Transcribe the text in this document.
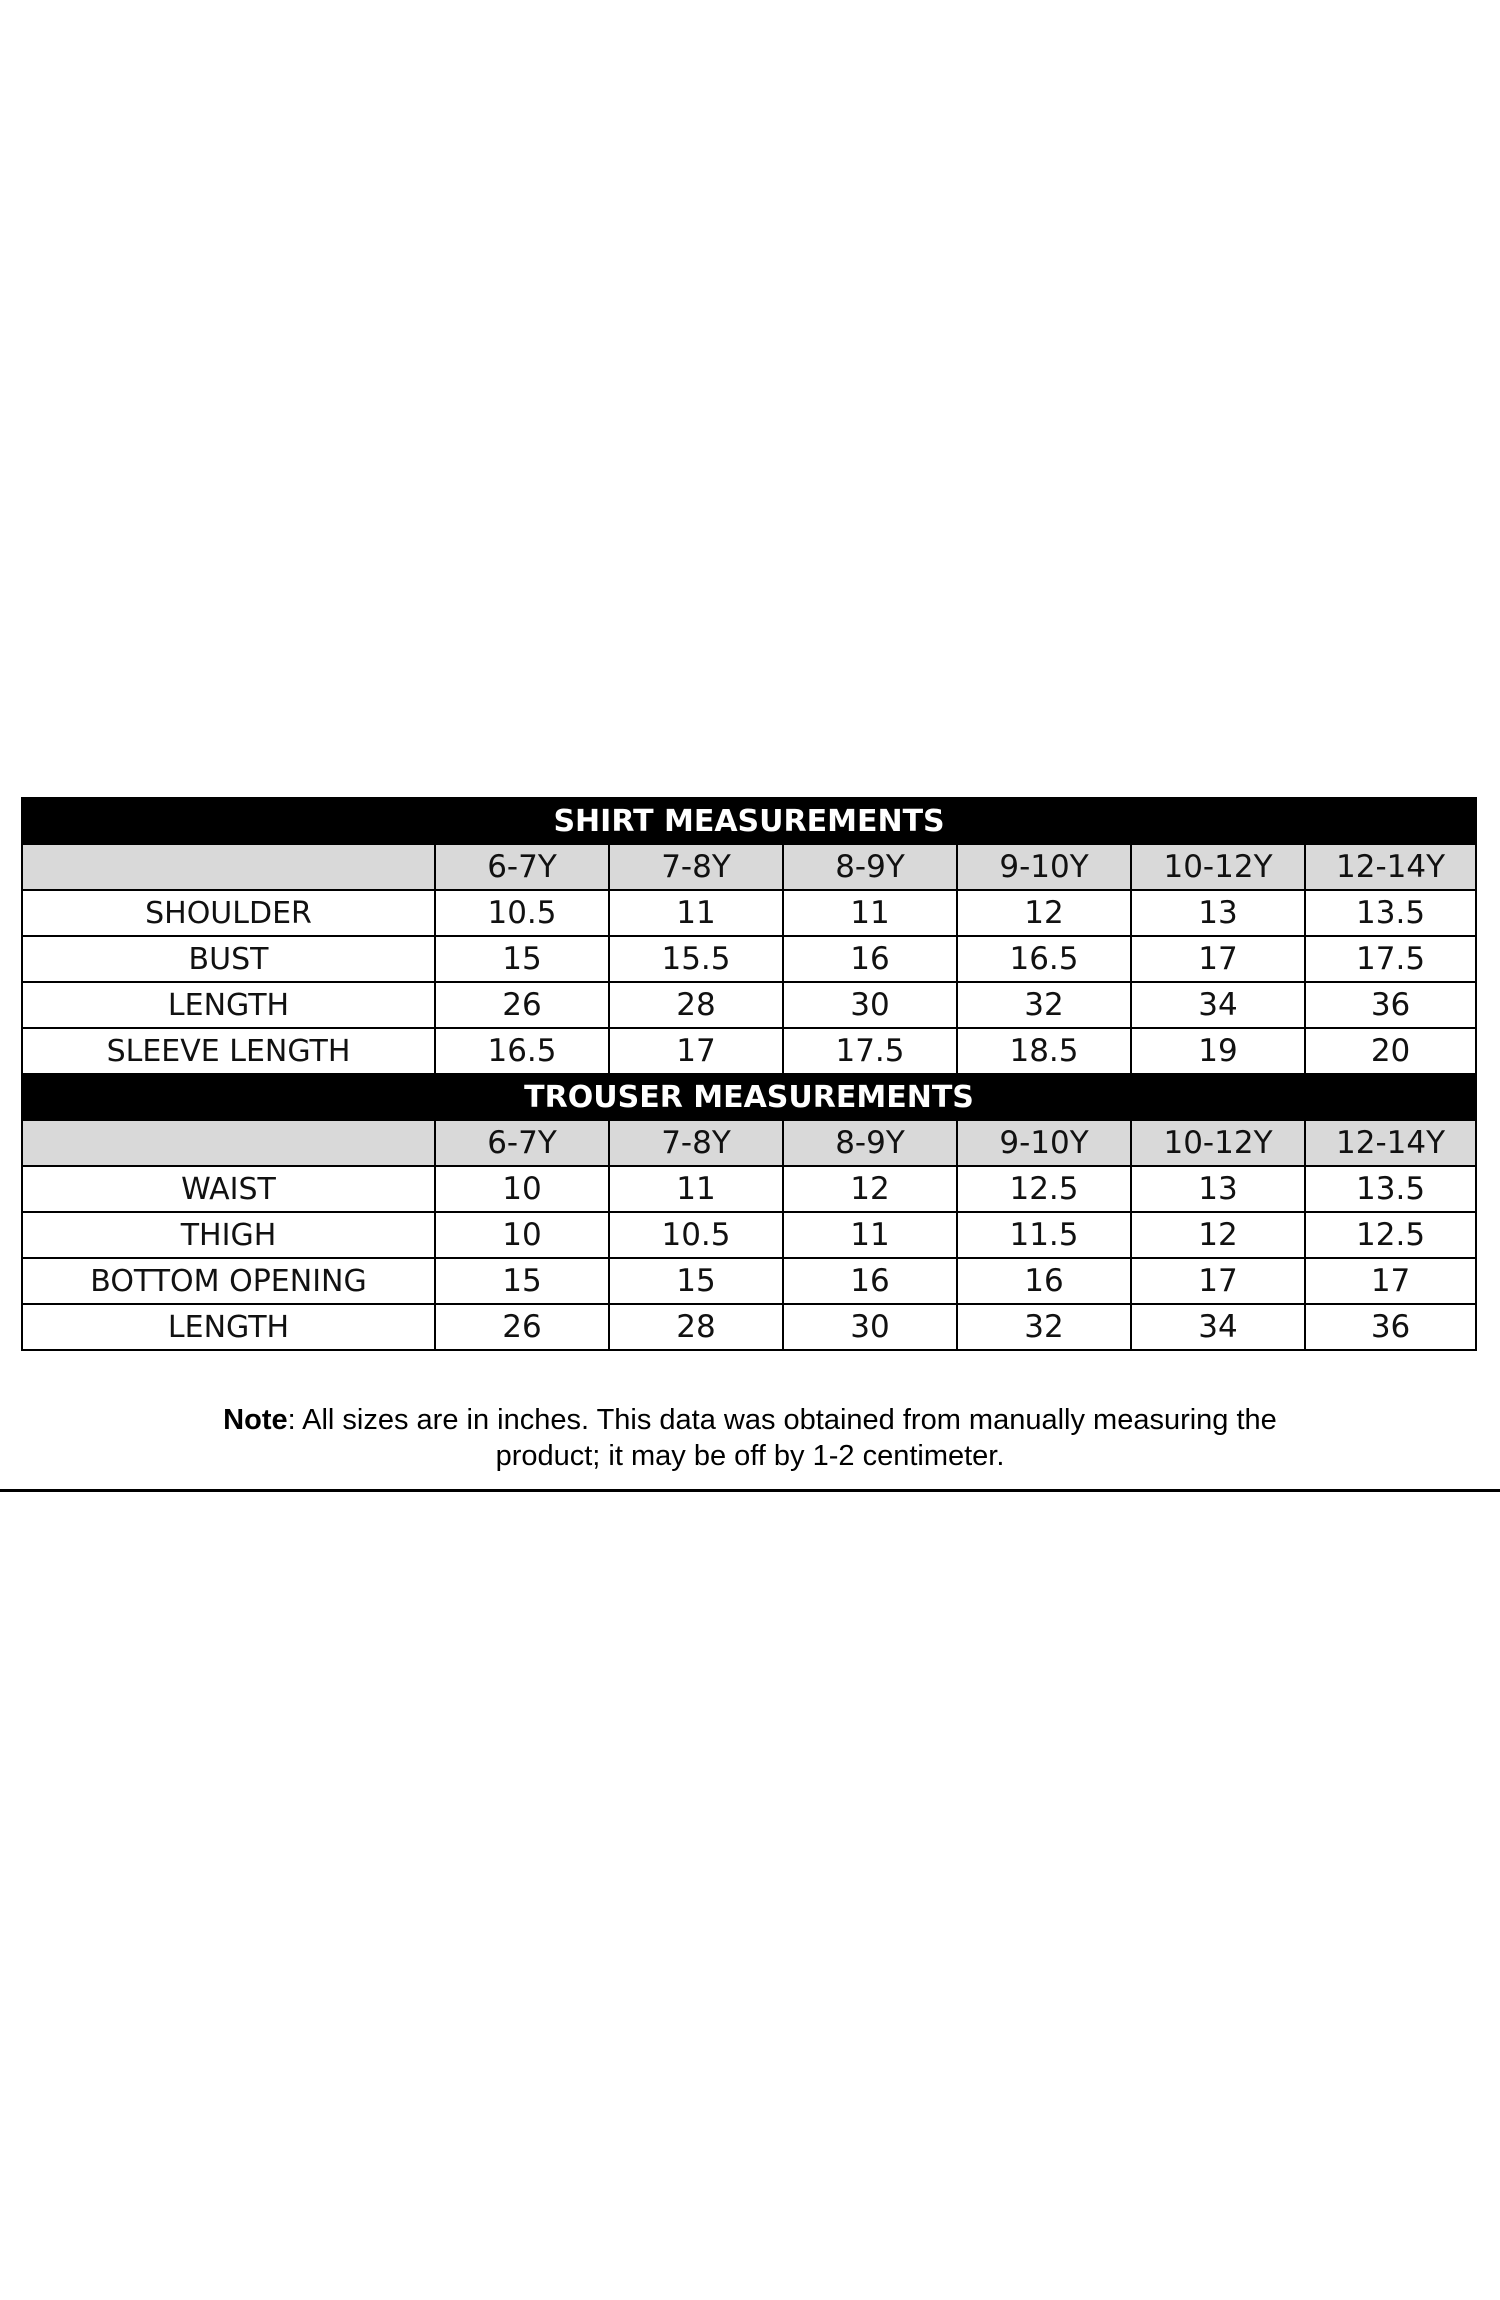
SHIRT MEASUREMENTS						
	6-7Y	7-8Y	8-9Y	9-10Y	10-12Y	12-14Y
SHOULDER	10.5	11	11	12	13	13.5
BUST	15	15.5	16	16.5	17	17.5
LENGTH	26	28	30	32	34	36
SLEEVE LENGTH	16.5	17	17.5	18.5	19	20
TROUSER MEASUREMENTS						
	6-7Y	7-8Y	8-9Y	9-10Y	10-12Y	12-14Y
WAIST	10	11	12	12.5	13	13.5
THIGH	10	10.5	11	11.5	12	12.5
BOTTOM OPENING	15	15	16	16	17	17
LENGTH	26	28	30	32	34	36
Note: All sizes are in inches. This data was obtained from manually measuring the
product; it may be off by 1-2 centimeter.
